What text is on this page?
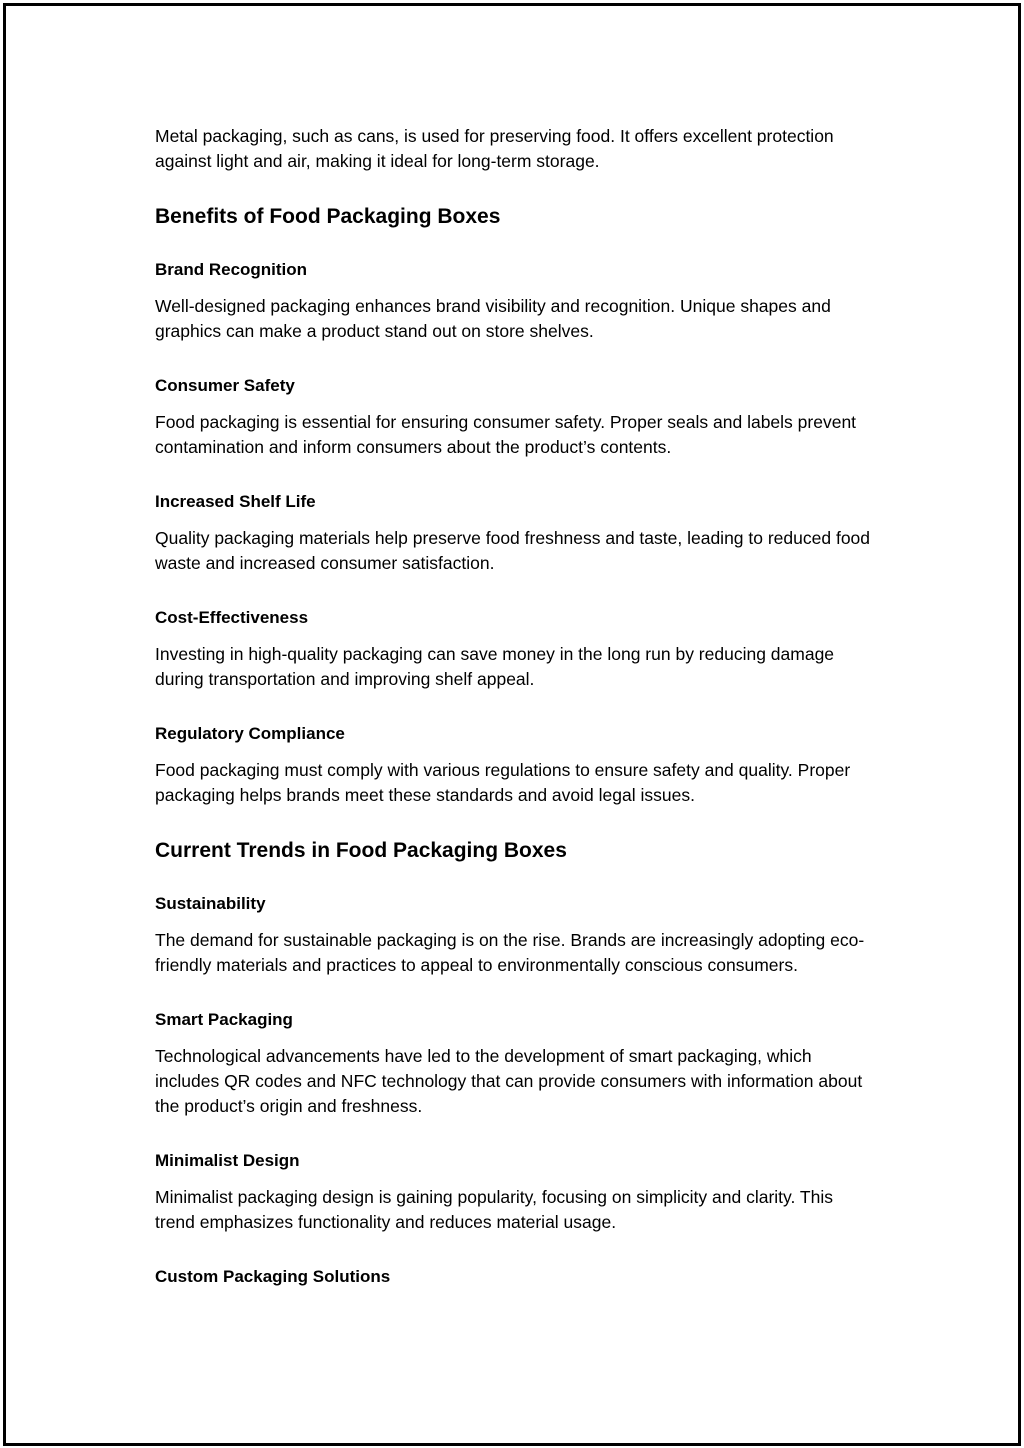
Metal packaging, such as cans, is used for preserving food. It offers excellent protection against light and air, making it ideal for long-term storage.

Benefits of Food Packaging Boxes
Brand Recognition

Well-designed packaging enhances brand visibility and recognition. Unique shapes and graphics can make a product stand out on store shelves.

Consumer Safety

Food packaging is essential for ensuring consumer safety. Proper seals and labels prevent contamination and inform consumers about the product’s contents.

Increased Shelf Life

Quality packaging materials help preserve food freshness and taste, leading to reduced food waste and increased consumer satisfaction.

Cost-Effectiveness

Investing in high-quality packaging can save money in the long run by reducing damage during transportation and improving shelf appeal.

Regulatory Compliance

Food packaging must comply with various regulations to ensure safety and quality. Proper packaging helps brands meet these standards and avoid legal issues.

Current Trends in Food Packaging Boxes
Sustainability

The demand for sustainable packaging is on the rise. Brands are increasingly adopting eco-friendly materials and practices to appeal to environmentally conscious consumers.

Smart Packaging

Technological advancements have led to the development of smart packaging, which includes QR codes and NFC technology that can provide consumers with information about the product’s origin and freshness.

Minimalist Design

Minimalist packaging design is gaining popularity, focusing on simplicity and clarity. This trend emphasizes functionality and reduces material usage.

Custom Packaging Solutions
